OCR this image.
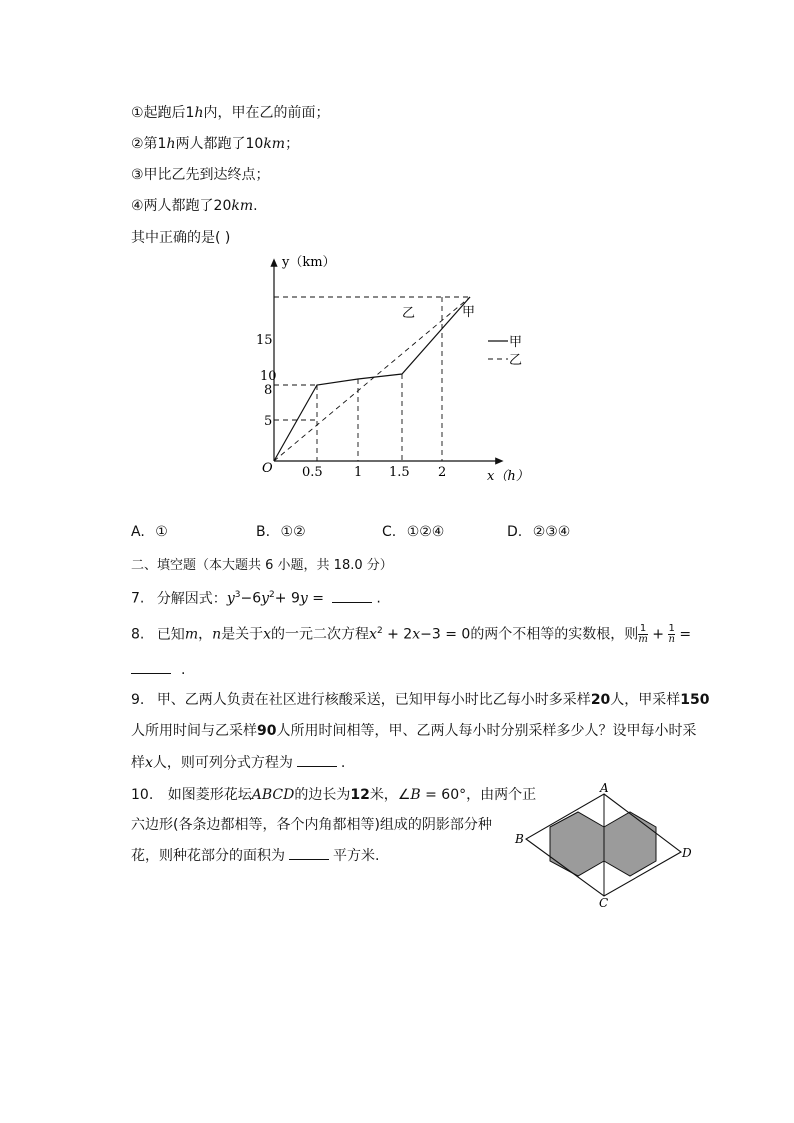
①起跑后1h内，甲在乙的前面；
②第1h两人都跑了10km；
③甲比乙先到达终点；
④两人都跑了20km.
其中正确的是( )
y（km）
x（h）
O
15
10
8
5
0.5 1 1.5 2
乙	甲
甲
乙
A. ①	B. ①②	C. ①②④	D. ②③④
二、填空题（本大题共 6 小题，共 18.0 分）
7. 分解因式：$y^3-6y^2+ 9y$ =	.
8. 已知m，n是关于x的一元二次方程$x^2 + 2x-3 = 0$的两个不相等的实数根，则 $\frac{1}{m} + \frac{1}{n}$ =
.
9. 甲、乙两人负责在社区进行核酸采送，已知甲每小时比乙每小时多采样20人，甲采样150
人所用时间与乙采样90人所用时间相等，甲、乙两人每小时分别采样多少人？设甲每小时采
样x人，则可列分式方程为	.
10. 如图菱形花坛ABCD的边长为12米，∠B = 60°，由两个正
六边形(各条边都相等，各个内角都相等)组成的阴影部分种
花，则种花部分的面积为	平方米.
A
B
C
D
